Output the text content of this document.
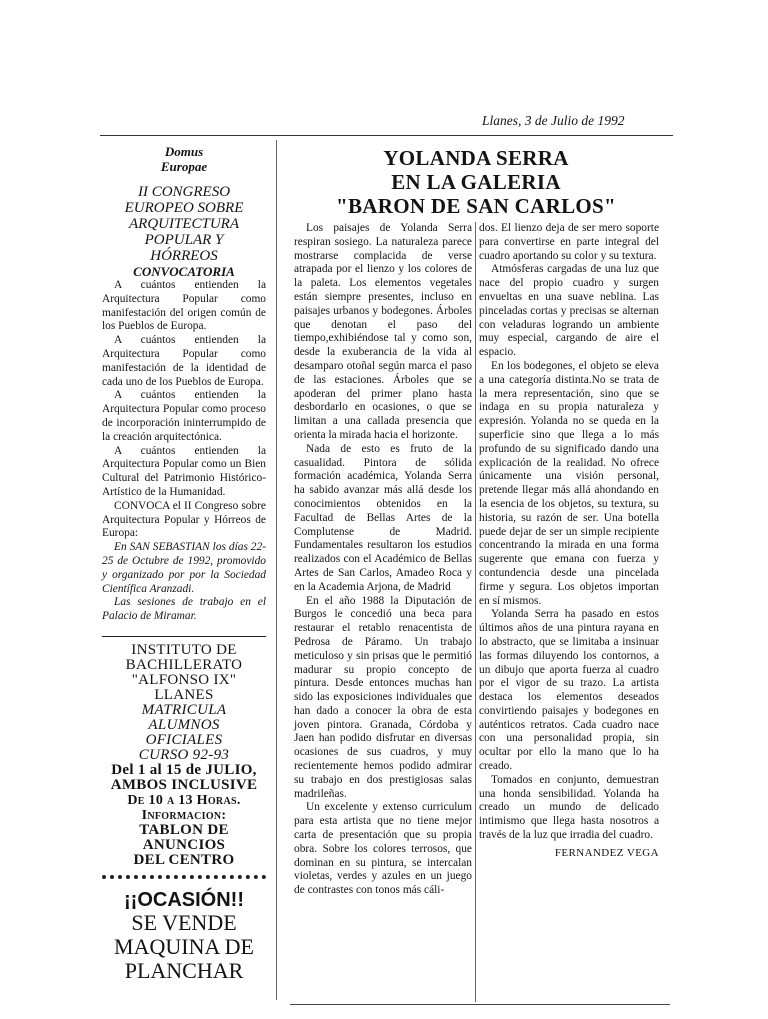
Llanes, 3 de Julio de 1992
Domus
Europae
II CONGRESO
EUROPEO SOBRE
ARQUITECTURA
POPULAR Y
HÓRREOS
CONVOCATORIA

A cuántos entienden la Arquitectura Popular como manifestación del origen común de los Pueblos de Europa.

A cuántos entienden la Arquitectura Popular como manifestación de la identidad de cada uno de los Pueblos de Europa.

A cuántos entienden la Arquitectura Popular como proceso de incorporación ininterrumpido de la creación arquitectónica.

A cuántos entienden la Arquitectura Popular como un Bien Cultural del Patrimonio Histórico-Artístico de la Humanidad.

CONVOCA el II Congreso sobre Arquitectura Popular y Hórreos de Europa:

En SAN SEBASTIAN los días 22-25 de Octubre de 1992, promovido y organizado por por la Sociedad Científica Aranzadi.

Las sesiones de trabajo en el Palacio de Miramar.

INSTITUTO DE
BACHILLERATO
"ALFONSO IX"
LLANES
MATRICULA
ALUMNOS
OFICIALES
CURSO 92-93
Del 1 al 15 de JULIO,
AMBOS INCLUSIVE
De 10 a 13 Horas.
Informacion:
TABLON DE
ANUNCIOS
DEL CENTRO
¡¡OCASIÓN!!
SE VENDE
MAQUINA DE
PLANCHAR
YOLANDA SERRA
EN LA GALERIA
"BARON DE SAN CARLOS"

Los paisajes de Yolanda Serra respiran sosiego. La naturaleza parece mostrarse complacida de verse atrapada por el lienzo y los colores de la paleta. Los elementos vegetales están siempre presentes, incluso en paisajes urbanos y bodegones. Árboles que denotan el paso del tiempo,exhibiéndose tal y como son, desde la exuberancia de la vida al desamparo otoñal según marca el paso de las estaciones. Árboles que se apoderan del primer plano hasta desbordarlo en ocasiones, o que se limitan a una callada presencia que orienta la mirada hacia el horizonte.

Nada de esto es fruto de la casualidad. Pintora de sólida formación académica, Yolanda Serra ha sabido avanzar más allá desde los conocimientos obtenidos en la Facultad de Bellas Artes de la Complutense de Madrid. Fundamentales resultaron los estudios realizados con el Académico de Bellas Artes de San Carlos, Amadeo Roca y en la Academia Arjona, de Madrid

En el año 1988 la Diputación de Burgos le concedió una beca para restaurar el retablo renacentista de Pedrosa de Páramo. Un trabajo meticuloso y sin prisas que le permitió madurar su propio concepto de pintura. Desde entonces muchas han sido las exposiciones individuales que han dado a conocer la obra de esta joven pintora. Granada, Córdoba y Jaen han podido disfrutar en diversas ocasiones de sus cuadros, y muy recientemente hemos podido admirar su trabajo en dos prestigiosas salas madrileñas.

Un excelente y extenso curriculum para esta artista que no tiene mejor carta de presentación que su propia obra. Sobre los colores terrosos, que dominan en su pintura, se intercalan violetas, verdes y azules en un juego de contrastes con tonos más cáli-

dos. El lienzo deja de ser mero soporte para convertirse en parte integral del cuadro aportando su color y su textura.

Atmósferas cargadas de una luz que nace del propio cuadro y surgen envueltas en una suave neblina. Las pinceladas cortas y precisas se alternan con veladuras logrando un ambiente muy especial, cargando de aire el espacio.

En los bodegones, el objeto se eleva a una categoría distinta.No se trata de la mera representación, sino que se indaga en su propia naturaleza y expresión. Yolanda no se queda en la superficie sino que llega a lo más profundo de su significado dando una explicación de la realidad. No ofrece únicamente una visión personal, pretende llegar más allá ahondando en la esencia de los objetos, su textura, su historia, su razón de ser. Una botella puede dejar de ser un simple recipiente concentrando la mirada en una forma sugerente que emana con fuerza y contundencia desde una pincelada firme y segura. Los objetos importan en sí mismos.

Yolanda Serra ha pasado en estos últimos años de una pintura rayana en lo abstracto, que se limitaba a insinuar las formas diluyendo los contornos, a un dibujo que aporta fuerza al cuadro por el vigor de su trazo. La artista destaca los elementos deseados convirtiendo paisajes y bodegones en auténticos retratos. Cada cuadro nace con una personalidad propia, sin ocultar por ello la mano que lo ha creado.

Tomados en conjunto, demuestran una honda sensibilidad. Yolanda ha creado un mundo de delicado intimismo que llega hasta nosotros a través de la luz que irradia del cuadro.

FERNANDEZ VEGA
